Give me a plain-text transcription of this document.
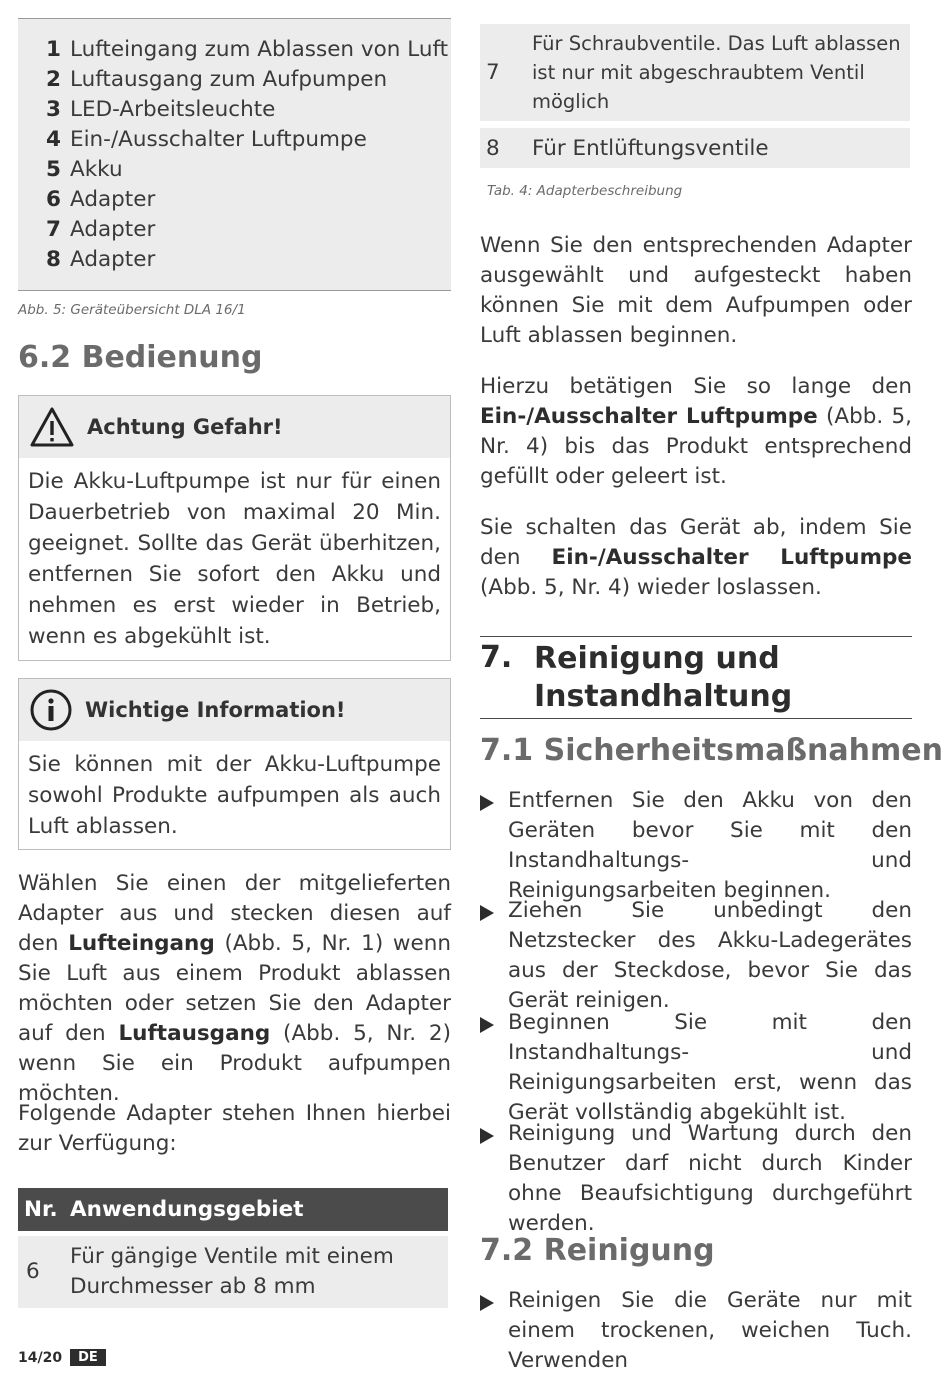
1 Lufteingang zum Ablassen von Luft
2 Luftausgang zum Aufpumpen
3 LED-Arbeitsleuchte
4 Ein-/Ausschalter Luftpumpe
5 Akku
6 Adapter
7 Adapter
8 Adapter
Abb. 5: Geräteübersicht DLA 16/1
6.2 Bedienung
Achtung Gefahr!
Die Akku-Luftpumpe ist nur für einen Dauerbetrieb von maximal 20 Min. geeignet. Sollte das Gerät überhitzen, entfernen Sie sofort den Akku und nehmen es erst wieder in Betrieb, wenn es abgekühlt ist.
Wichtige Information!
Sie können mit der Akku-Luftpumpe sowohl Produkte aufpumpen als auch Luft ablassen.
Wählen Sie einen der mitgelieferten Adapter aus und stecken diesen auf den Lufteingang (Abb. 5, Nr. 1) wenn Sie Luft aus einem Produkt ablassen möchten oder setzen Sie den Adapter auf den Luftausgang (Abb. 5, Nr. 2) wenn Sie ein Produkt aufpumpen möchten.
Folgende Adapter stehen Ihnen hierbei zur Verfügung:
Nr. Anwendungsgebiet
6
Für gängige Ventile mit einem Durchmesser ab 8 mm
7
Für Schraubventile. Das Luft ablassen ist nur mit abgeschraubtem Ventil möglich
8	Für Entlüftungsventile
Tab. 4: Adapterbeschreibung
Wenn Sie den entsprechenden Adapter ausgewählt und aufgesteckt haben können Sie mit dem Aufpumpen oder Luft ablassen beginnen.
Hierzu betätigen Sie so lange den Ein-/Ausschalter Luftpumpe (Abb. 5, Nr. 4) bis das Produkt entsprechend gefüllt oder geleert ist.
Sie schalten das Gerät ab, indem Sie den Ein-/Ausschalter Luftpumpe (Abb. 5, Nr. 4) wieder loslassen.
7. Reinigung und Instandhaltung
7.1 Sicherheitsmaßnahmen
Entfernen Sie den Akku von den Geräten bevor Sie mit den Instandhaltungs- und Reinigungsarbeiten beginnen.
Ziehen Sie unbedingt den Netzstecker des Akku-Ladegerätes aus der Steckdose, bevor Sie das Gerät reinigen.
Beginnen Sie mit den Instandhaltungs- und Reinigungsarbeiten erst, wenn das Gerät vollständig abgekühlt ist.
Reinigung und Wartung durch den Benutzer darf nicht durch Kinder ohne Beaufsichtigung durchgeführt werden.
7.2 Reinigung
Reinigen Sie die Geräte nur mit einem trockenen, weichen Tuch. Verwenden
14/20	DE
